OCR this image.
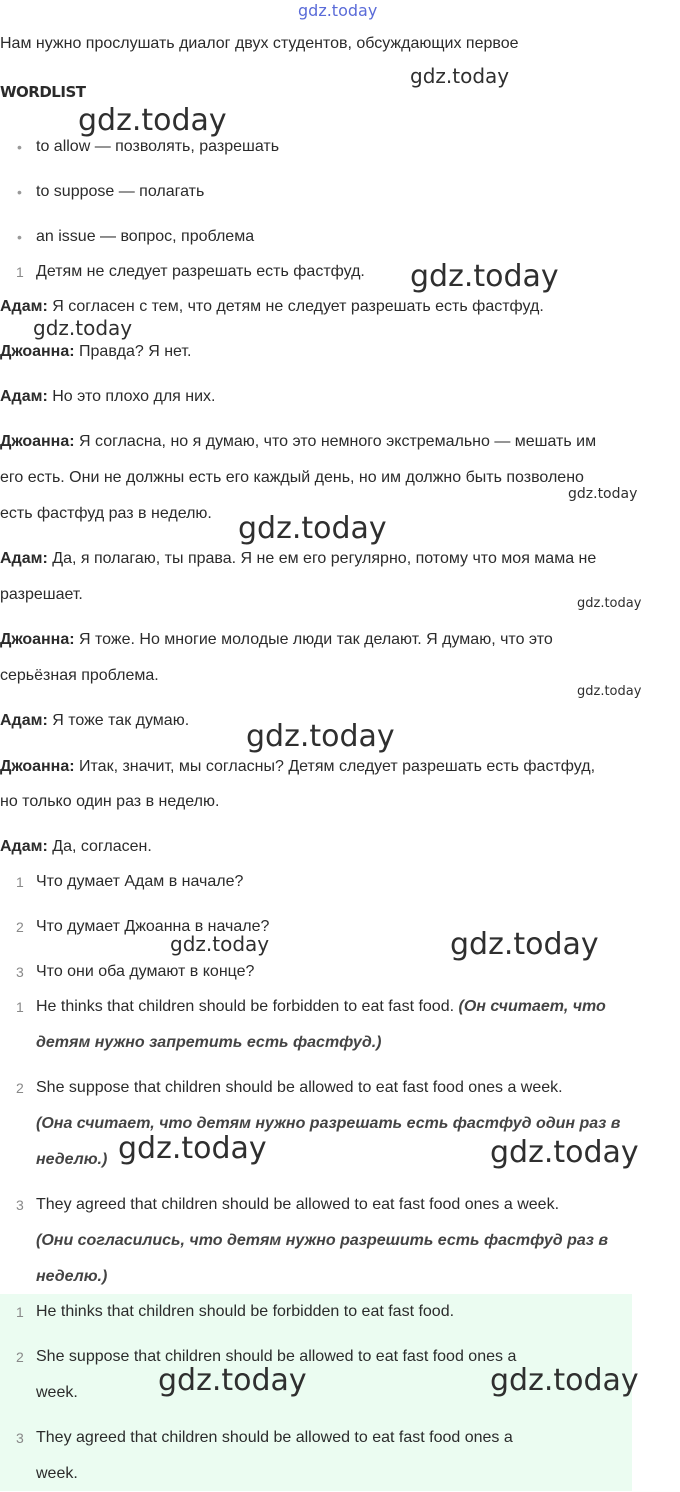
gdz.today
gdz.today
gdz.today
gdz.today
gdz.today
gdz.today
gdz.today
gdz.today
gdz.today
gdz.today
gdz.today	gdz.today
gdz.today	gdz.today
gdz.today	gdz.today
Нам нужно прослушать диалог двух студентов, обсуждающих первое
WORDLIST
• to allow — позволять, разрешать
• to suppose — полагать
• an issue — вопрос, проблема
1 Детям не следует разрешать есть фастфуд.
Адам: Я согласен с тем, что детям не следует разрешать есть фастфуд.
Джоанна: Правда? Я нет.
Адам: Но это плохо для них.
Джоанна: Я согласна, но я думаю, что это немного экстремально — мешать им
его есть. Они не должны есть его каждый день, но им должно быть позволено
есть фастфуд раз в неделю.
Адам: Да, я полагаю, ты права. Я не ем его регулярно, потому что моя мама не
разрешает.
Джоанна: Я тоже. Но многие молодые люди так делают. Я думаю, что это
серьёзная проблема.
Адам: Я тоже так думаю.
Джоанна: Итак, значит, мы согласны? Детям следует разрешать есть фастфуд,
но только один раз в неделю.
Адам: Да, согласен.
1 Что думает Адам в начале?
2 Что думает Джоанна в начале?
3 Что они оба думают в конце?
1 He thinks that children should be forbidden to eat fast food. (Он считает, что
детям нужно запретить есть фастфуд.)
2 She suppose that children should be allowed to eat fast food ones a week.
(Она считает, что детям нужно разрешать есть фастфуд один раз в
неделю.)
3 They agreed that children should be allowed to eat fast food ones a week.
(Они согласились, что детям нужно разрешить есть фастфуд раз в
неделю.)
1 He thinks that children should be forbidden to eat fast food.
2 She suppose that children should be allowed to eat fast food ones a
week.
3 They agreed that children should be allowed to eat fast food ones a
week.
